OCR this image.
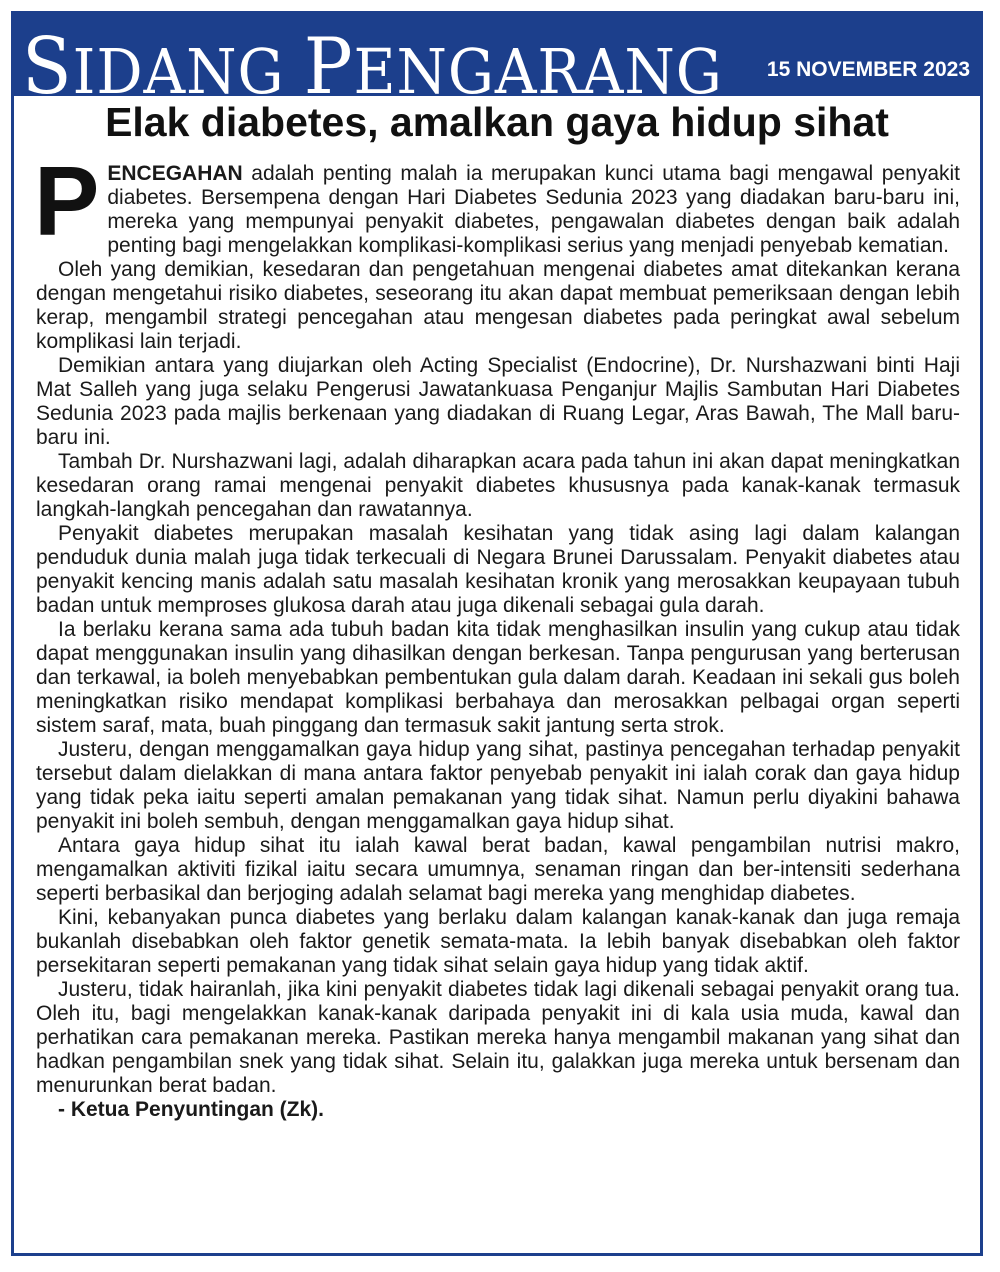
SIDANG PENGARANG 15 NOVEMBER 2023
Elak diabetes, amalkan gaya hidup sihat

PENCEGAHAN adalah penting malah ia merupakan kunci utama bagi mengawal penyakit diabetes. Bersempena dengan Hari Diabetes Sedunia 2023 yang diadakan baru-baru ini, mereka yang mempunyai penyakit diabetes, pengawalan diabetes dengan baik adalah penting bagi mengelakkan komplikasi-komplikasi serius yang menjadi penyebab kematian.

Oleh yang demikian, kesedaran dan pengetahuan mengenai diabetes amat ditekankan kerana dengan mengetahui risiko diabetes, seseorang itu akan dapat membuat pemeriksaan dengan lebih kerap, mengambil strategi pencegahan atau mengesan diabetes pada peringkat awal sebelum komplikasi lain terjadi.

Demikian antara yang diujarkan oleh Acting Specialist (Endocrine), Dr. Nurshazwani binti Haji Mat Salleh yang juga selaku Pengerusi Jawatankuasa Penganjur Majlis Sambutan Hari Diabetes Sedunia 2023 pada majlis berkenaan yang diadakan di Ruang Legar, Aras Bawah, The Mall baru-baru ini.

Tambah Dr. Nurshazwani lagi, adalah diharapkan acara pada tahun ini akan dapat meningkatkan kesedaran orang ramai mengenai penyakit diabetes khususnya pada kanak-kanak termasuk langkah-langkah pencegahan dan rawatannya.

Penyakit diabetes merupakan masalah kesihatan yang tidak asing lagi dalam kalangan penduduk dunia malah juga tidak terkecuali di Negara Brunei Darussalam. Penyakit diabetes atau penyakit kencing manis adalah satu masalah kesihatan kronik yang merosakkan keupayaan tubuh badan untuk memproses glukosa darah atau juga dikenali sebagai gula darah.

Ia berlaku kerana sama ada tubuh badan kita tidak menghasilkan insulin yang cukup atau tidak dapat menggunakan insulin yang dihasilkan dengan berkesan. Tanpa pengurusan yang berterusan dan terkawal, ia boleh menyebabkan pembentukan gula dalam darah. Keadaan ini sekali gus boleh meningkatkan risiko mendapat komplikasi berbahaya dan merosakkan pelbagai organ seperti sistem saraf, mata, buah pinggang dan termasuk sakit jantung serta strok.

Justeru, dengan menggamalkan gaya hidup yang sihat, pastinya pencegahan terhadap penyakit tersebut dalam dielakkan di mana antara faktor penyebab penyakit ini ialah corak dan gaya hidup yang tidak peka iaitu seperti amalan pemakanan yang tidak sihat. Namun perlu diyakini bahawa penyakit ini boleh sembuh, dengan menggamalkan gaya hidup sihat.

Antara gaya hidup sihat itu ialah kawal berat badan, kawal pengambilan nutrisi makro, mengamalkan aktiviti fizikal iaitu secara umumnya, senaman ringan dan ber-intensiti sederhana seperti berbasikal dan berjoging adalah selamat bagi mereka yang menghidap diabetes.

Kini, kebanyakan punca diabetes yang berlaku dalam kalangan kanak-kanak dan juga remaja bukanlah disebabkan oleh faktor genetik semata-mata. Ia lebih banyak disebabkan oleh faktor persekitaran seperti pemakanan yang tidak sihat selain gaya hidup yang tidak aktif.

Justeru, tidak hairanlah, jika kini penyakit diabetes tidak lagi dikenali sebagai penyakit orang tua. Oleh itu, bagi mengelakkan kanak-kanak daripada penyakit ini di kala usia muda, kawal dan perhatikan cara pemakanan mereka. Pastikan mereka hanya mengambil makanan yang sihat dan hadkan pengambilan snek yang tidak sihat. Selain itu, galakkan juga mereka untuk bersenam dan menurunkan berat badan.

- Ketua Penyuntingan (Zk).
